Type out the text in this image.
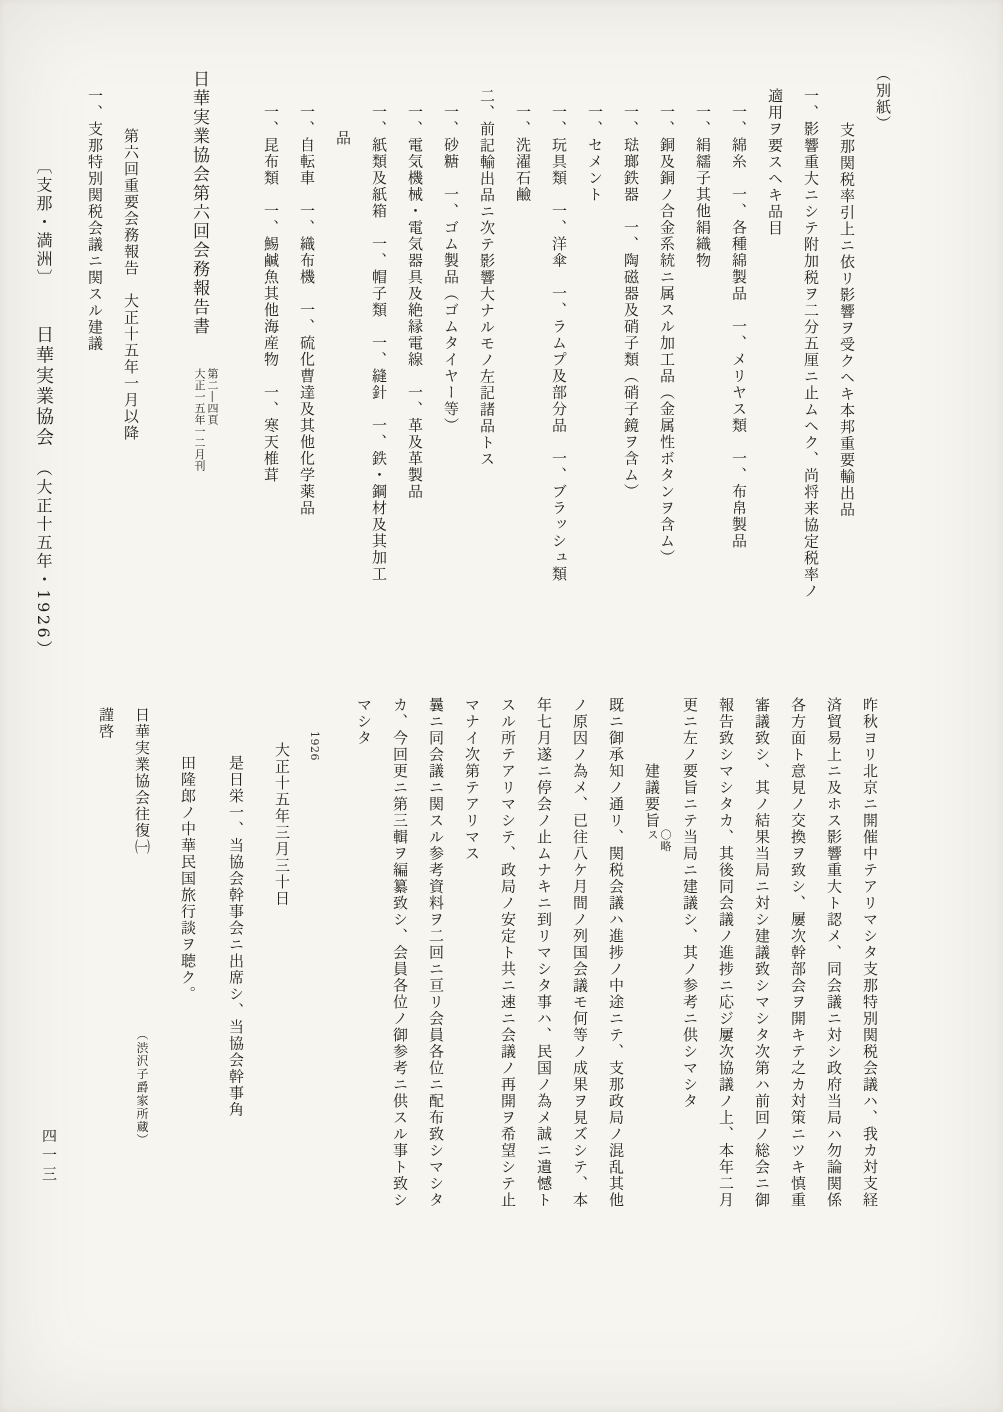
（別紙）
支那関税率引上ニ依リ影響ヲ受クヘキ本邦重要輸出品
一、影響重大ニシテ附加税ヲ二分五厘ニ止ムヘク、尚将来協定税率ノ
適用ヲ要スヘキ品目
一、綿糸　一、各種綿製品　一、メリヤス類　一、布帛製品
一、絹繻子其他絹織物
一、銅及銅ノ合金系統ニ属スル加工品（金属性ボタンヲ含ム）
一、琺瑯鉄器　一、陶磁器及硝子類（硝子鏡ヲ含ム）
一、セメント
一、玩具類　一、洋傘　一、ラムプ及部分品　一、ブラッシュ類
一、洗濯石鹼
二、前記輸出品ニ次テ影響大ナルモノ左記諸品トス
一、砂糖　一、ゴム製品（ゴムタイヤー等）
一、電気機械・電気器具及絶縁電線　一、革及革製品
一、紙類及紙箱　一、帽子類　一、縫針　一、鉄・鋼材及其加工
品
一、自転車　一、織布機　一、硫化曹達及其他化学薬品
一、昆布類　一、鯣鹹魚其他海産物　一、寒天椎茸
日華実業協会第六回会務報告書
第二―四頁
大正一五年一二月刊
第六回重要会務報告　大正十五年一月以降
一、支那特別関税会議ニ関スル建議
昨秋ヨリ北京ニ開催中テアリマシタ支那特別関税会議ハ、我カ対支経
済貿易上ニ及ホス影響重大ト認メ、同会議ニ対シ政府当局ハ勿論関係
各方面ト意見ノ交換ヲ致シ、屢次幹部会ヲ開キテ之カ対策ニツキ慎重
審議致シ、其ノ結果当局ニ対シ建議致シマシタ次第ハ前回ノ総会ニ御
報告致シマシタカ、其後同会議ノ進捗ニ応ジ屢次協議ノ上、本年二月
更ニ左ノ要旨ニテ当局ニ建議シ、其ノ参考ニ供シマシタ
建議要旨
〇略
ス
既ニ御承知ノ通リ、関税会議ハ進捗ノ中途ニテ、支那政局ノ混乱其他
ノ原因ノ為メ、已往八ケ月間ノ列国会議モ何等ノ成果ヲ見ズシテ、本
年七月遂ニ停会ノ止ムナキニ到リマシタ事ハ、民国ノ為メ誠ニ遺憾ト
スル所テアリマシテ、政局ノ安定ト共ニ速ニ会議ノ再開ヲ希望シテ止
マナイ次第テアリマス
曩ニ同会議ニ関スル参考資料ヲ二回ニ亘リ会員各位ニ配布致シマシタ
カ、今回更ニ第三輯ヲ編纂致シ、会員各位ノ御参考ニ供スル事ト致シ
マシタ
1926
大正十五年三月三十日
是日栄一、当協会幹事会ニ出席シ、当協会幹事角
田隆郎ノ中華民国旅行談ヲ聴ク。
日華実業協会往復㈠（渋沢子爵家所蔵）
謹啓
〔支那・満洲〕 日華実業協会 （大正十五年・1926）
四一三
